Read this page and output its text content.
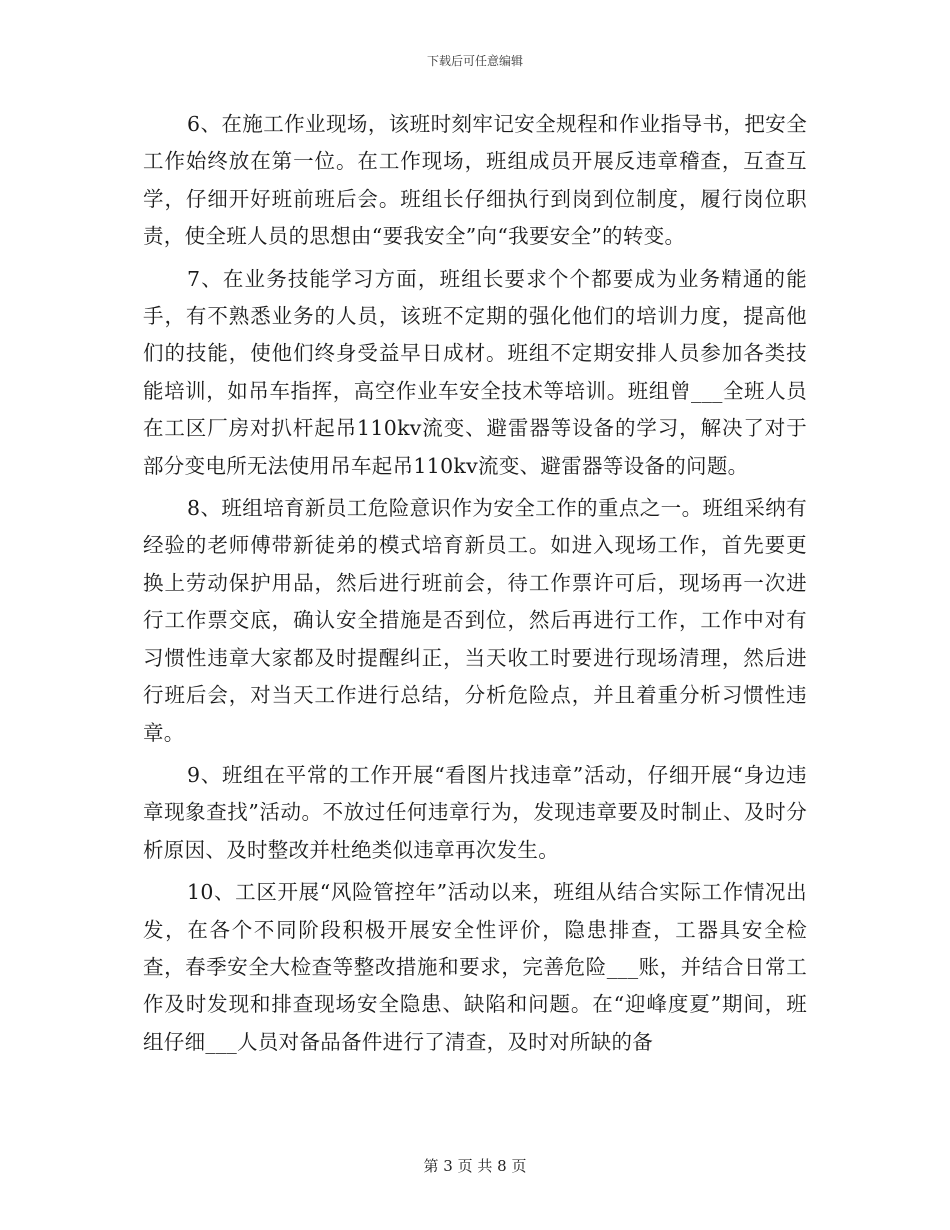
下载后可任意编辑

6、在施工作业现场，该班时刻牢记安全规程和作业指导书，把安全工作始终放在第一位。在工作现场，班组成员开展反违章稽查，互查互学，仔细开好班前班后会。班组长仔细执行到岗到位制度，履行岗位职责，使全班人员的思想由“要我安全”向“我要安全”的转变。

7、在业务技能学习方面，班组长要求个个都要成为业务精通的能手，有不熟悉业务的人员，该班不定期的强化他们的培训力度，提高他们的技能，使他们终身受益早日成材。班组不定期安排人员参加各类技能培训，如吊车指挥，高空作业车安全技术等培训。班组曾___全班人员在工区厂房对扒杆起吊110kv流变、避雷器等设备的学习，解决了对于部分变电所无法使用吊车起吊110kv流变、避雷器等设备的问题。

8、班组培育新员工危险意识作为安全工作的重点之一。班组采纳有经验的老师傅带新徒弟的模式培育新员工。如进入现场工作，首先要更换上劳动保护用品，然后进行班前会，待工作票许可后，现场再一次进行工作票交底，确认安全措施是否到位，然后再进行工作，工作中对有习惯性违章大家都及时提醒纠正，当天收工时要进行现场清理，然后进行班后会，对当天工作进行总结，分析危险点，并且着重分析习惯性违章。

9、班组在平常的工作开展“看图片找违章”活动，仔细开展“身边违章现象查找”活动。不放过任何违章行为，发现违章要及时制止、及时分析原因、及时整改并杜绝类似违章再次发生。

10、工区开展“风险管控年”活动以来，班组从结合实际工作情况出发，在各个不同阶段积极开展安全性评价，隐患排查，工器具安全检查，春季安全大检查等整改措施和要求，完善危险___账，并结合日常工作及时发现和排查现场安全隐患、缺陷和问题。在“迎峰度夏”期间，班组仔细___人员对备品备件进行了清查，及时对所缺的备

第 3 页 共 8 页
